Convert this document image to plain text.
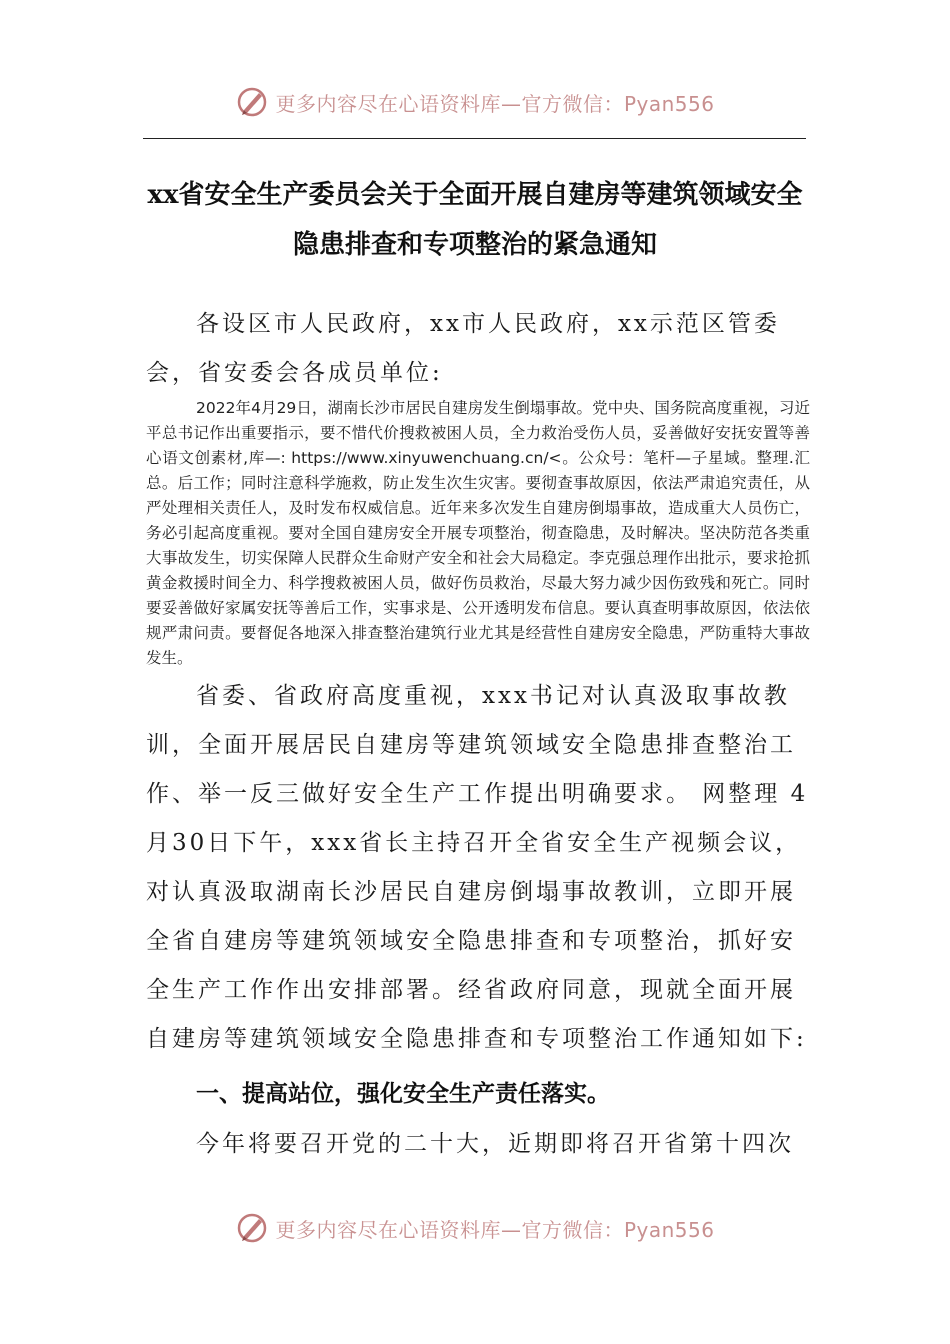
更多内容尽在心语资料库—官方微信：Pyan556
xx省安全生产委员会关于全面开展自建房等建筑领域安全
隐患排查和专项整治的紧急通知

各设区市人民政府，xx市人民政府，xx示范区管委会，省安委会各成员单位:

2022年4月29日，湖南长沙市居民自建房发生倒塌事故。党中央、国务院高度重视，习近平总书记作出重要指示，要不惜代价搜救被困人员，全力救治受伤人员，妥善做好安抚安置等善心语文创素材,库—: https://www.xinyuwenchuang.cn/<。公众号：笔杆—子星域。整理.汇总。后工作；同时注意科学施救，防止发生次生灾害。要彻查事故原因，依法严肃追究责任，从严处理相关责任人，及时发布权威信息。近年来多次发生自建房倒塌事故，造成重大人员伤亡，务必引起高度重视。要对全国自建房安全开展专项整治，彻查隐患，及时解决。坚决防范各类重大事故发生，切实保障人民群众生命财产安全和社会大局稳定。李克强总理作出批示，要求抢抓黄金救援时间全力、科学搜救被困人员，做好伤员救治，尽最大努力减少因伤致残和死亡。同时要妥善做好家属安抚等善后工作，实事求是、公开透明发布信息。要认真查明事故原因，依法依规严肃问责。要督促各地深入排查整治建筑行业尤其是经营性自建房安全隐患，严防重特大事故发生。

省委、省政府高度重视，xxx书记对认真汲取事故教训，全面开展居民自建房等建筑领域安全隐患排查整治工作、举一反三做好安全生产工作提出明确要求。 网整理 4月30日下午，xxx省长主持召开全省安全生产视频会议，对认真汲取湖南长沙居民自建房倒塌事故教训，立即开展全省自建房等建筑领域安全隐患排查和专项整治，抓好安全生产工作作出安排部署。经省政府同意，现就全面开展自建房等建筑领域安全隐患排查和专项整治工作通知如下:

一、提高站位，强化安全生产责任落实。

今年将要召开党的二十大，近期即将召开省第十四次

更多内容尽在心语资料库—官方微信：Pyan556
